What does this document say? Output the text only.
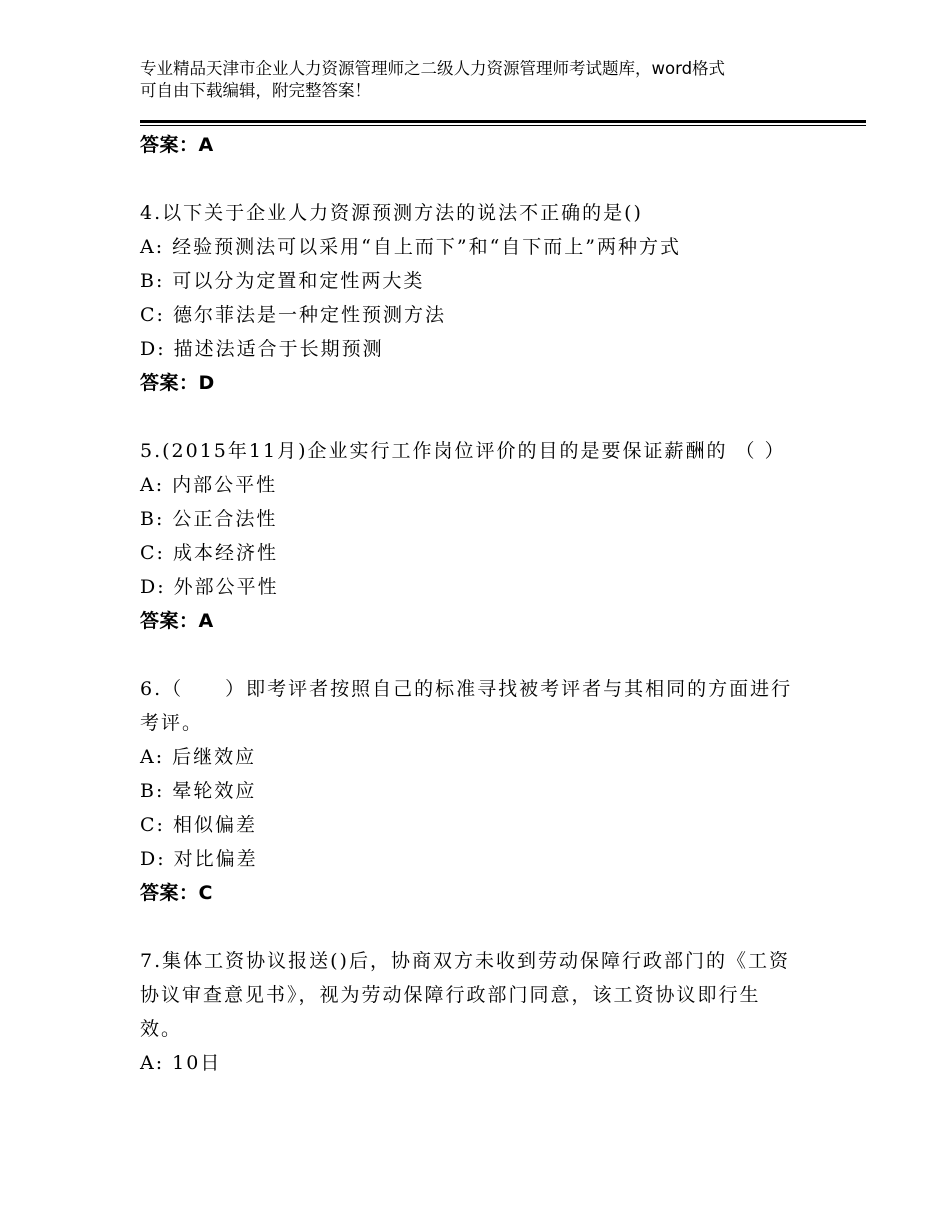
专业精品天津市企业人力资源管理师之二级人力资源管理师考试题库，word格式
可自由下载编辑，附完整答案！
答案：A
4.以下关于企业人力资源预测方法的说法不正确的是()
A: 经验预测法可以采用“自上而下”和“自下而上”两种方式
B: 可以分为定置和定性两大类
C: 德尔菲法是一种定性预测方法
D: 描述法适合于长期预测
答案：D
5.(2015年11月)企业实行工作岗位评价的目的是要保证薪酬的 （ ）
A: 内部公平性
B: 公正合法性
C: 成本经济性
D: 外部公平性
答案：A
6.（　　）即考评者按照自己的标准寻找被考评者与其相同的方面进行考评。
A: 后继效应
B: 晕轮效应
C: 相似偏差
D: 对比偏差
答案：C
7.集体工资协议报送()后，协商双方未收到劳动保障行政部门的《工资协议审查意见书》，视为劳动保障行政部门同意，该工资协议即行生效。
A: 10日
